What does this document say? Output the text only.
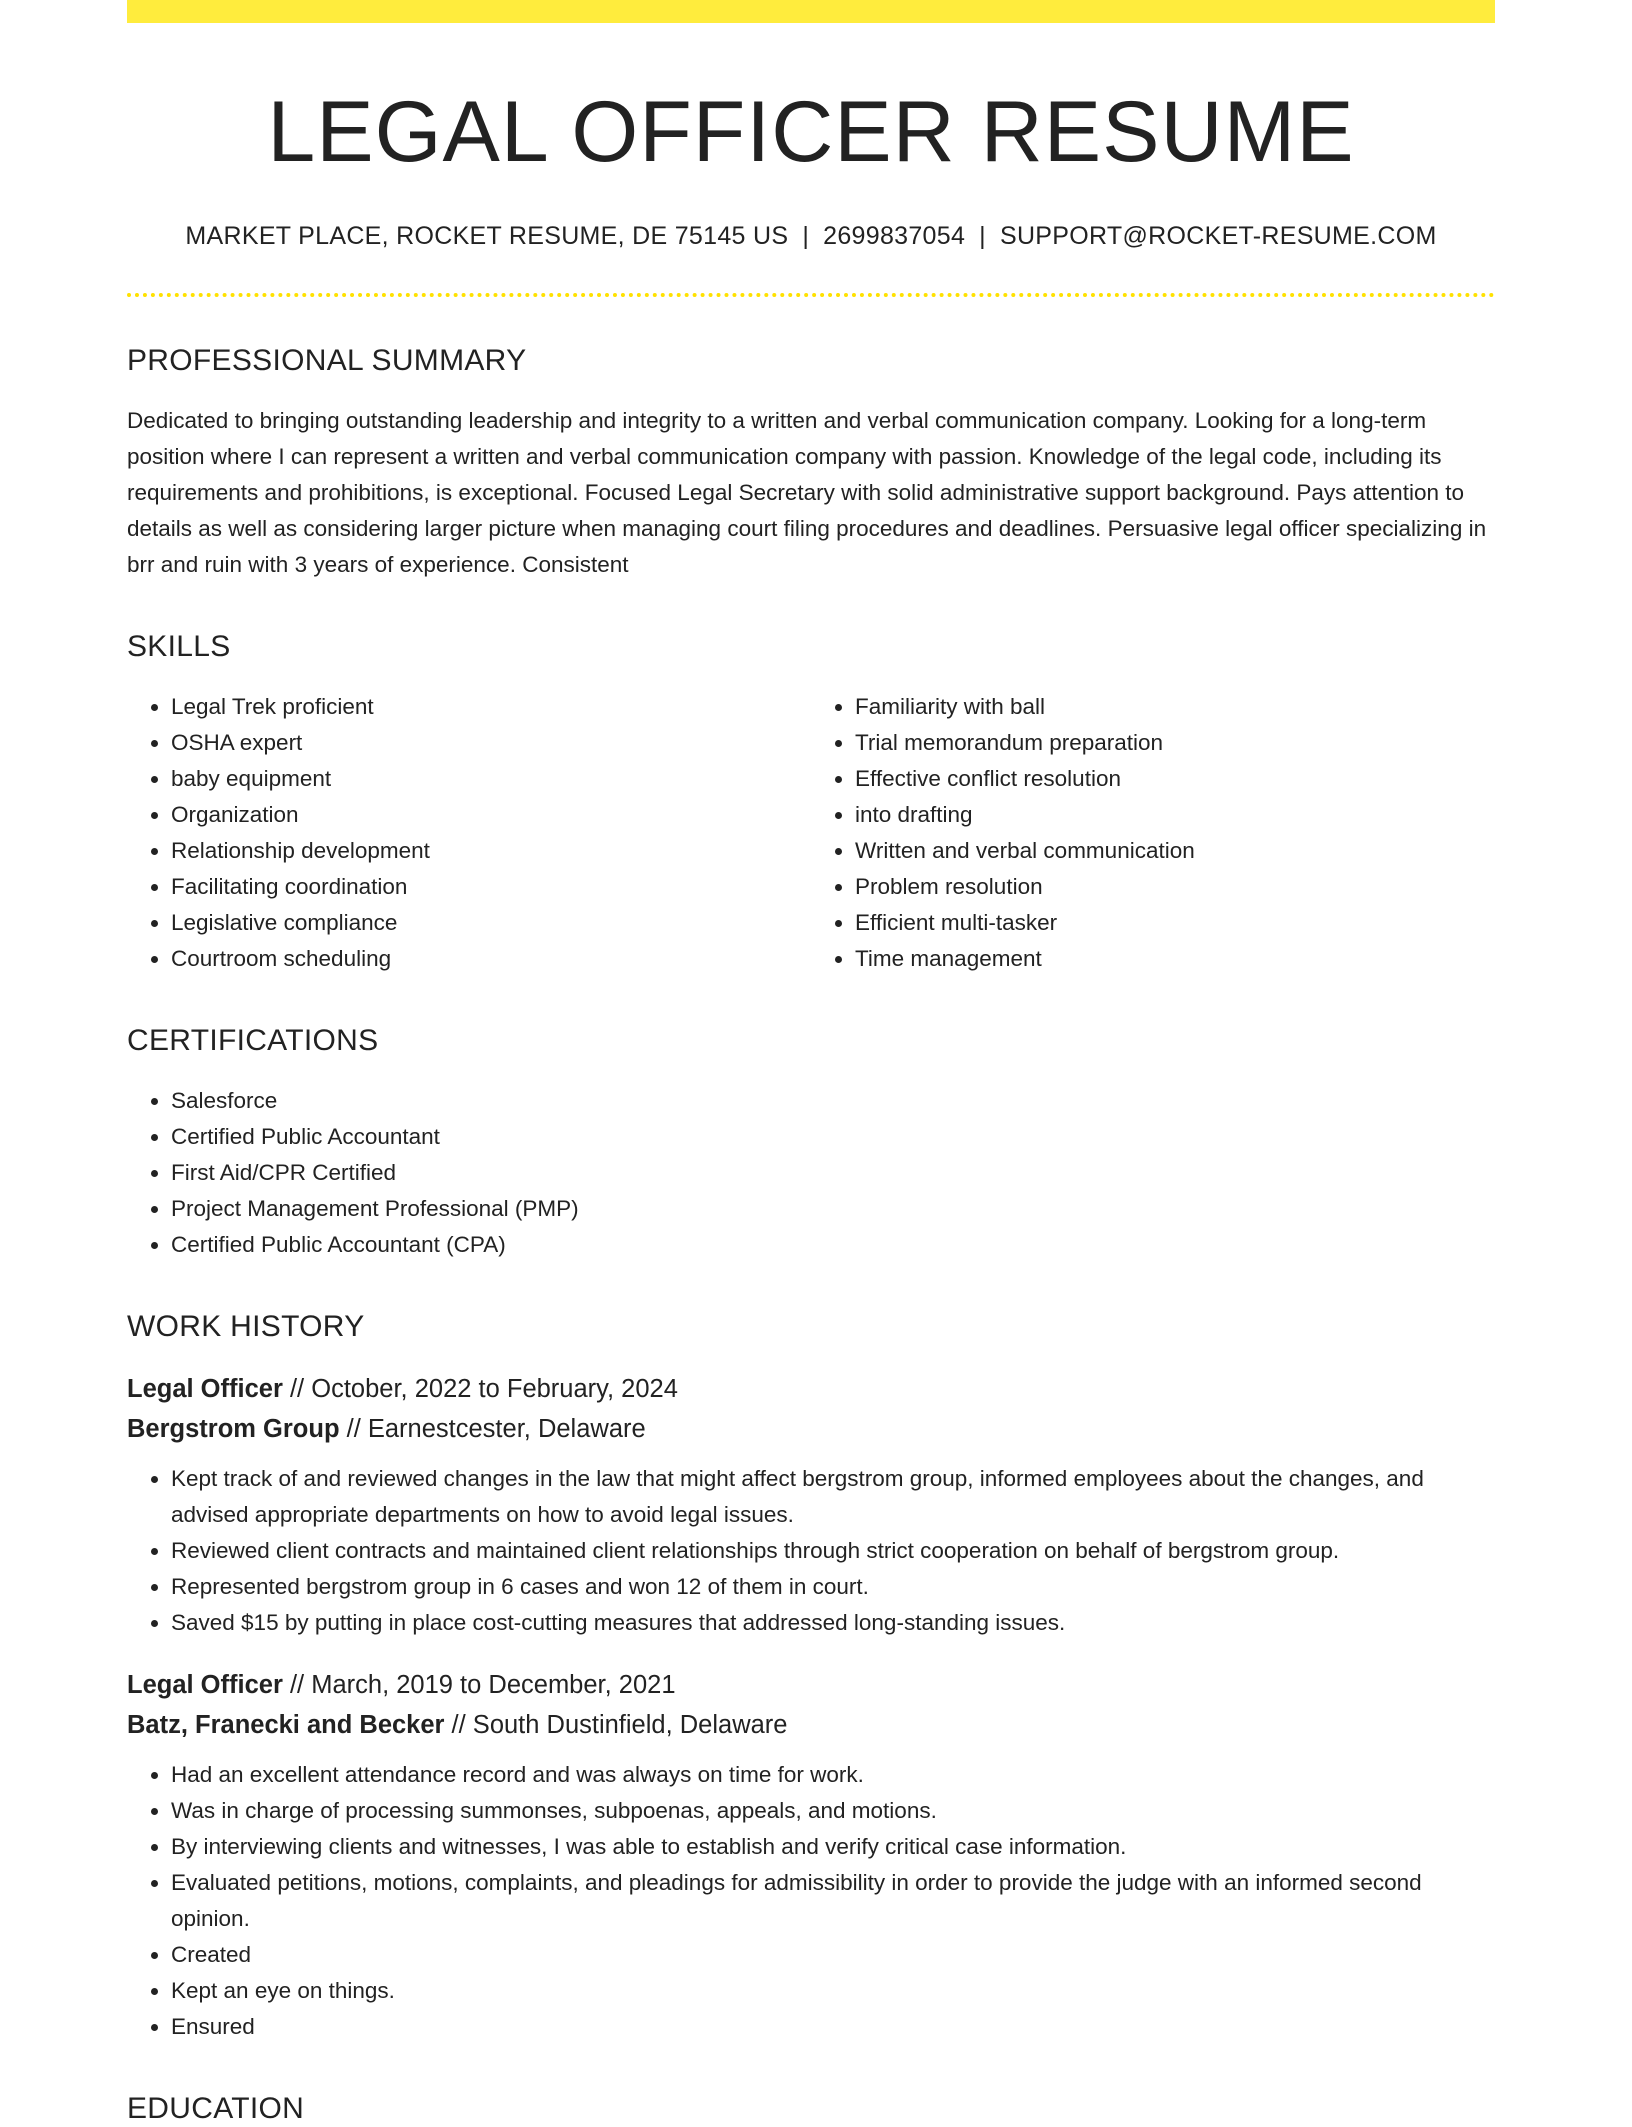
LEGAL OFFICER RESUME
MARKET PLACE, ROCKET RESUME, DE 75145 US | 2699837054 | SUPPORT@ROCKET-RESUME.COM
PROFESSIONAL SUMMARY
Dedicated to bringing outstanding leadership and integrity to a written and verbal communication company. Looking for a long-term position where I can represent a written and verbal communication company with passion. Knowledge of the legal code, including its requirements and prohibitions, is exceptional. Focused Legal Secretary with solid administrative support background. Pays attention to details as well as considering larger picture when managing court filing procedures and deadlines. Persuasive legal officer specializing in brr and ruin with 3 years of experience. Consistent
SKILLS
• Legal Trek proficient
• OSHA expert
• baby equipment
• Organization
• Relationship development
• Facilitating coordination
• Legislative compliance
• Courtroom scheduling
• Familiarity with ball
• Trial memorandum preparation
• Effective conflict resolution
• into drafting
• Written and verbal communication
• Problem resolution
• Efficient multi-tasker
• Time management
CERTIFICATIONS
• Salesforce
• Certified Public Accountant
• First Aid/CPR Certified
• Project Management Professional (PMP)
• Certified Public Accountant (CPA)
WORK HISTORY
Legal Officer // October, 2022 to February, 2024
Bergstrom Group // Earnestcester, Delaware
• Kept track of and reviewed changes in the law that might affect bergstrom group, informed employees about the changes, and advised appropriate departments on how to avoid legal issues.
• Reviewed client contracts and maintained client relationships through strict cooperation on behalf of bergstrom group.
• Represented bergstrom group in 6 cases and won 12 of them in court.
• Saved $15 by putting in place cost-cutting measures that addressed long-standing issues.
Legal Officer // March, 2019 to December, 2021
Batz, Franecki and Becker // South Dustinfield, Delaware
• Had an excellent attendance record and was always on time for work.
• Was in charge of processing summonses, subpoenas, appeals, and motions.
• By interviewing clients and witnesses, I was able to establish and verify critical case information.
• Evaluated petitions, motions, complaints, and pleadings for admissibility in order to provide the judge with an informed second opinion.
• Created
• Kept an eye on things.
• Ensured
EDUCATION
